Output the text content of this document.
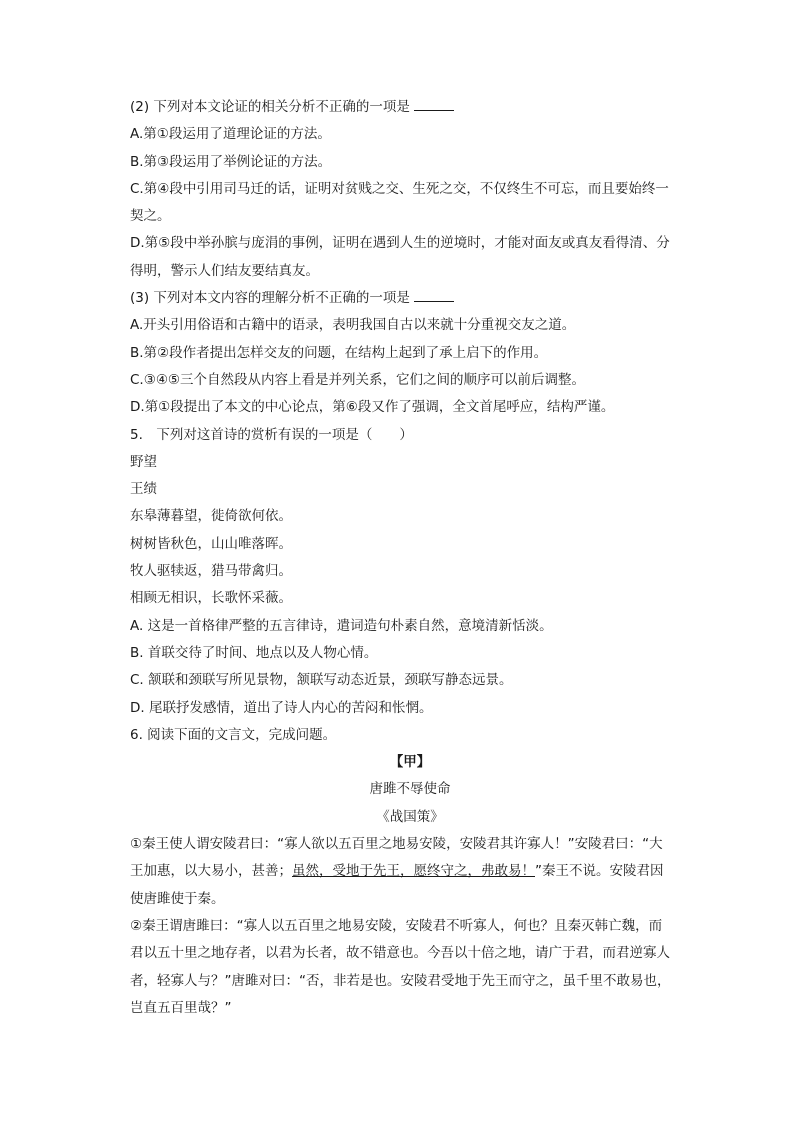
(2) 下列对本文论证的相关分析不正确的一项是
A.第①段运用了道理论证的方法。
B.第③段运用了举例论证的方法。
C.第④段中引用司马迁的话，证明对贫贱之交、生死之交，不仅终生不可忘，而且要始终一
契之。
D.第⑤段中举孙膑与庞涓的事例，证明在遇到人生的逆境时，才能对面友或真友看得清、分
得明，警示人们结友要结真友。
(3) 下列对本文内容的理解分析不正确的一项是
A.开头引用俗语和古籍中的语录，表明我国自古以来就十分重视交友之道。
B.第②段作者提出怎样交友的问题，在结构上起到了承上启下的作用。
C.③④⑤三个自然段从内容上看是并列关系，它们之间的顺序可以前后调整。
D.第①段提出了本文的中心论点，第⑥段又作了强调，全文首尾呼应，结构严谨。
5.　下列对这首诗的赏析有误的一项是（　　）
野望
王绩
东皋薄暮望，徙倚欲何依。
树树皆秋色，山山唯落晖。
牧人驱犊返，猎马带禽归。
相顾无相识，长歌怀采薇。
A. 这是一首格律严整的五言律诗，遣词造句朴素自然，意境清新恬淡。
B. 首联交待了时间、地点以及人物心情。
C. 颔联和颈联写所见景物，颔联写动态近景，颈联写静态远景。
D. 尾联抒发感情，道出了诗人内心的苦闷和怅惘。
6. 阅读下面的文言文，完成问题。
【甲】
唐雎不辱使命
《战国策》
①秦王使人谓安陵君曰：“寡人欲以五百里之地易安陵，安陵君其许寡人！”安陵君曰：“大
王加惠，以大易小，甚善；虽然，受地于先王，愿终守之，弗敢易！”秦王不说。安陵君因
使唐雎使于秦。
②秦王谓唐雎曰：“寡人以五百里之地易安陵，安陵君不听寡人，何也？且秦灭韩亡魏，而
君以五十里之地存者，以君为长者，故不错意也。今吾以十倍之地，请广于君，而君逆寡人
者，轻寡人与？”唐雎对曰：“否，非若是也。安陵君受地于先王而守之，虽千里不敢易也，
岂直五百里哉？”
